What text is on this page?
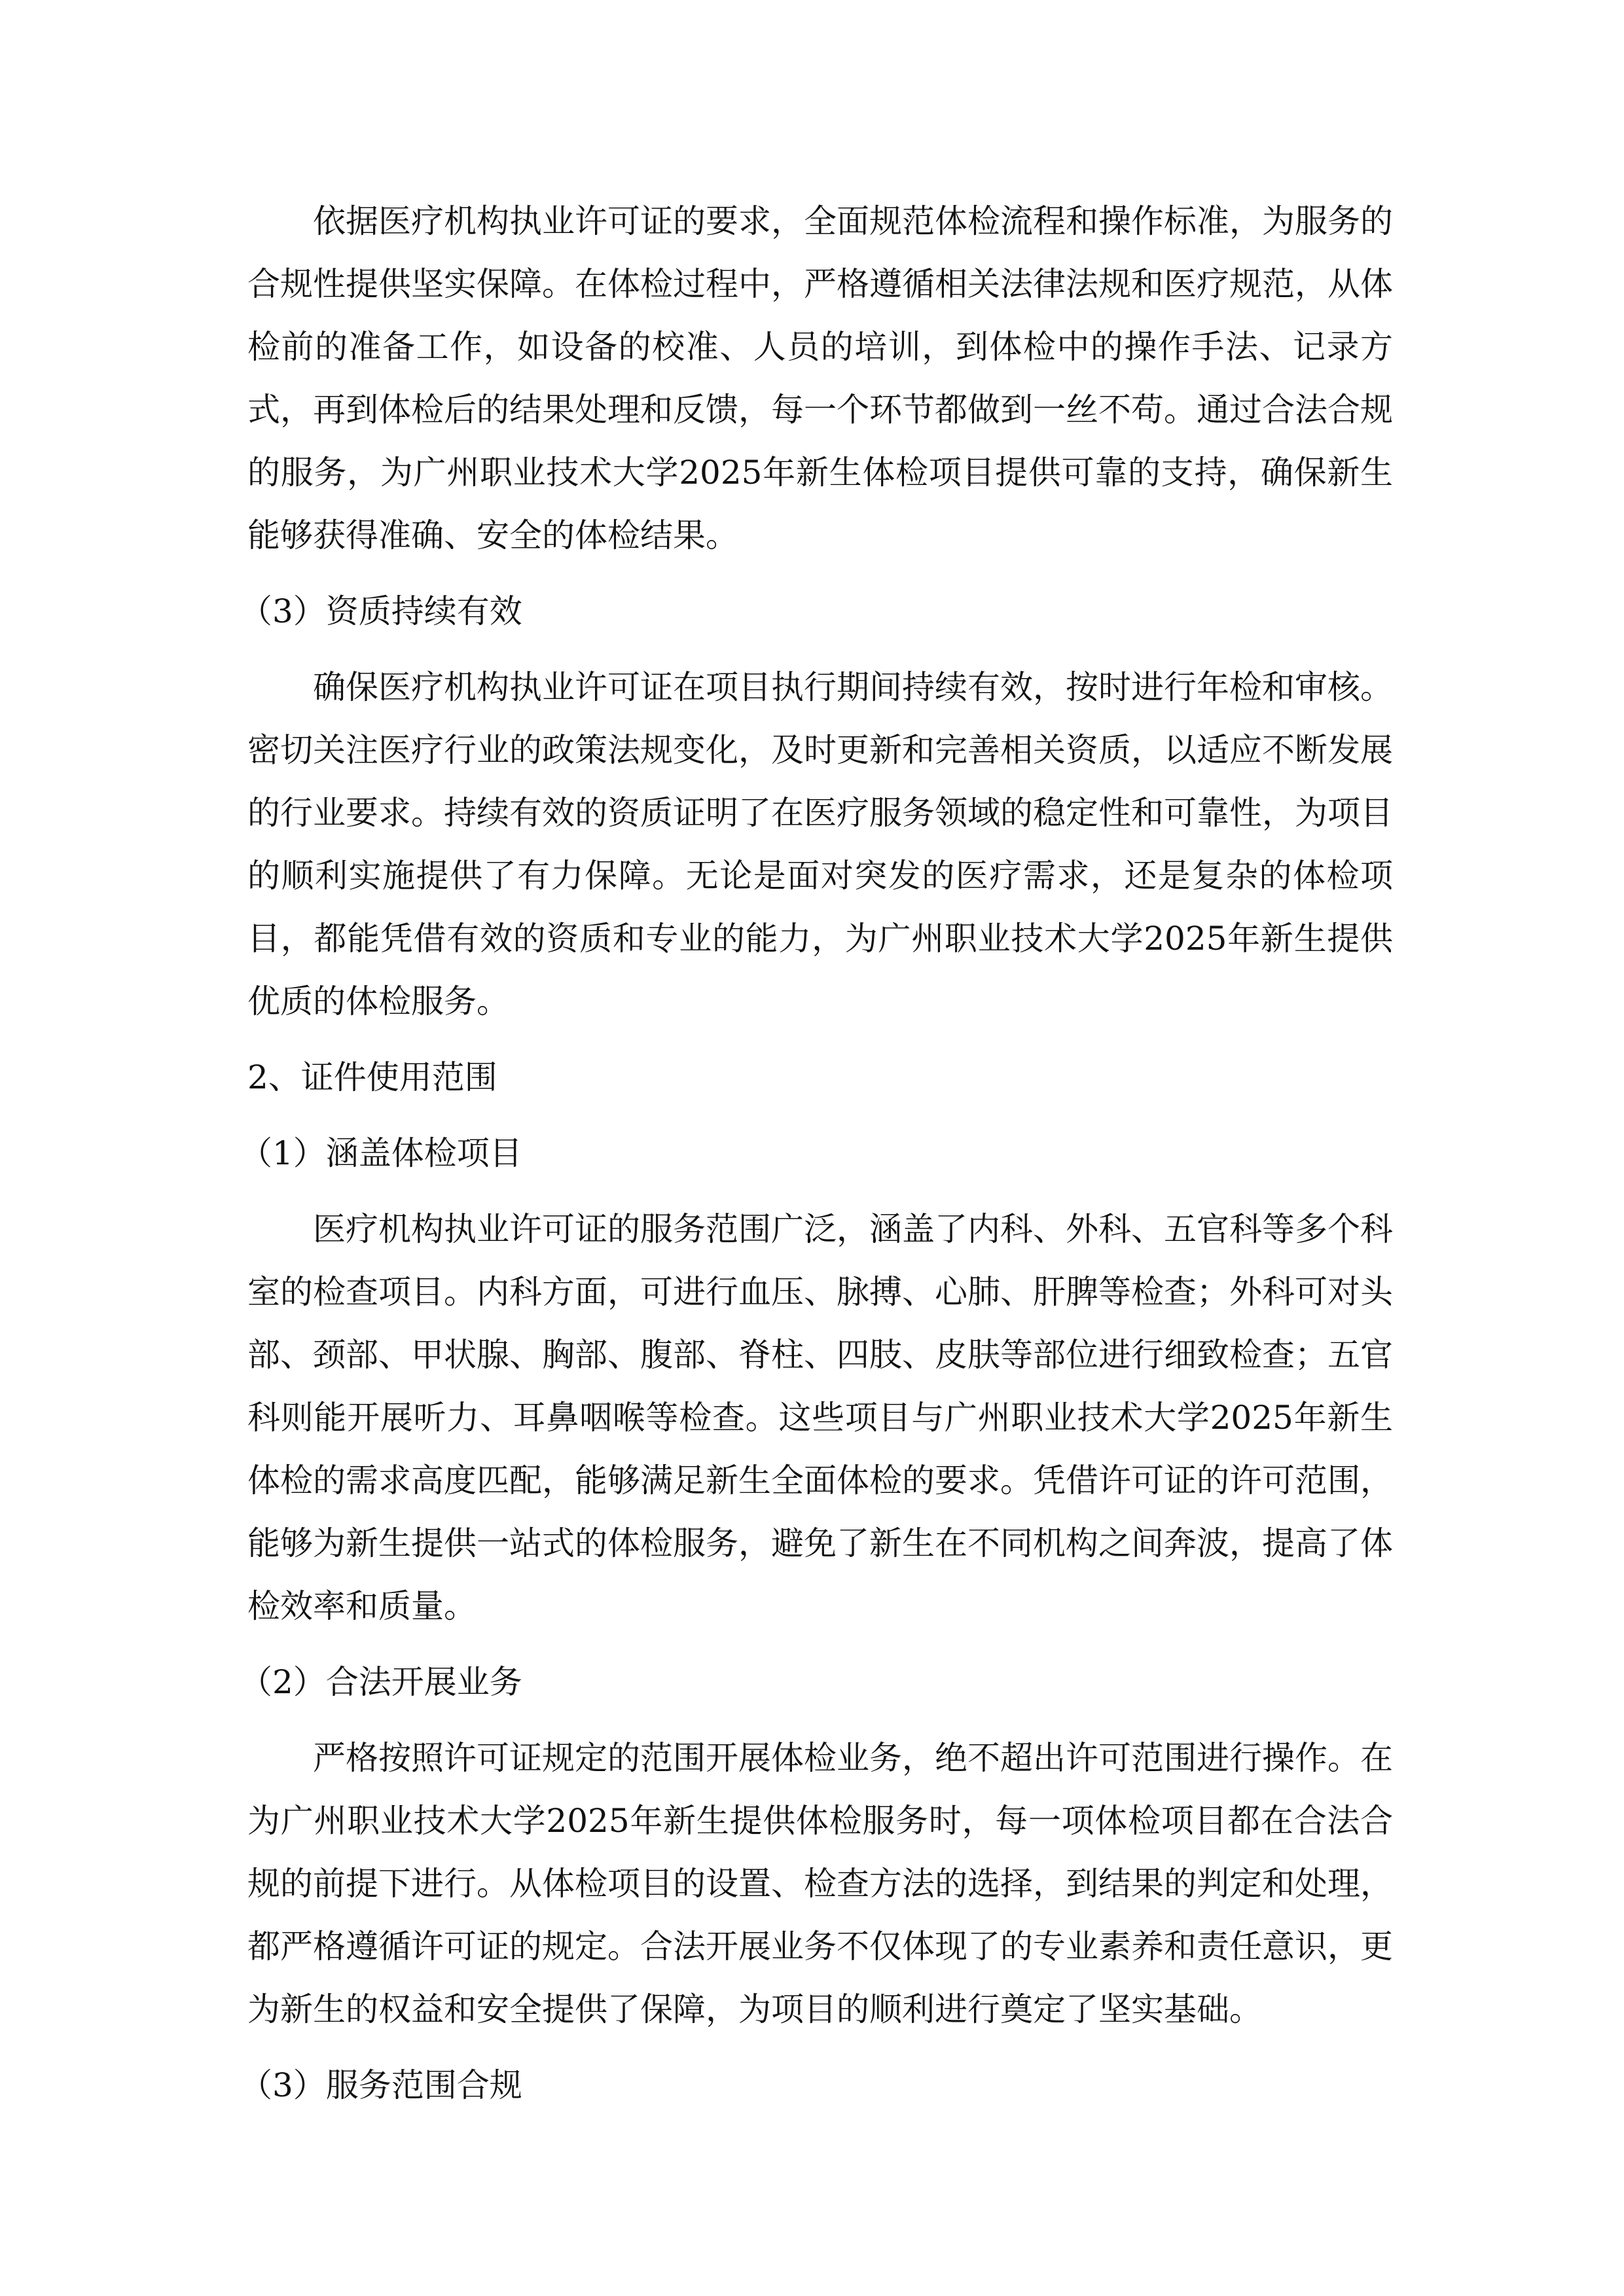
依据医疗机构执业许可证的要求，全面规范体检流程和操作标准，为服务的合规性提供坚实保障。在体检过程中，严格遵循相关法律法规和医疗规范，从体检前的准备工作，如设备的校准、人员的培训，到体检中的操作手法、记录方式，再到体检后的结果处理和反馈，每一个环节都做到一丝不苟。通过合法合规的服务，为广州职业技术大学2025年新生体检项目提供可靠的支持，确保新生能够获得准确、安全的体检结果。

（3）资质持续有效

确保医疗机构执业许可证在项目执行期间持续有效，按时进行年检和审核。密切关注医疗行业的政策法规变化，及时更新和完善相关资质，以适应不断发展的行业要求。持续有效的资质证明了在医疗服务领域的稳定性和可靠性，为项目的顺利实施提供了有力保障。无论是面对突发的医疗需求，还是复杂的体检项目，都能凭借有效的资质和专业的能力，为广州职业技术大学2025年新生提供优质的体检服务。

2、证件使用范围
（1）涵盖体检项目

医疗机构执业许可证的服务范围广泛，涵盖了内科、外科、五官科等多个科室的检查项目。内科方面，可进行血压、脉搏、心肺、肝脾等检查；外科可对头部、颈部、甲状腺、胸部、腹部、脊柱、四肢、皮肤等部位进行细致检查；五官科则能开展听力、耳鼻咽喉等检查。这些项目与广州职业技术大学2025年新生体检的需求高度匹配，能够满足新生全面体检的要求。凭借许可证的许可范围，能够为新生提供一站式的体检服务，避免了新生在不同机构之间奔波，提高了体检效率和质量。

（2）合法开展业务

严格按照许可证规定的范围开展体检业务，绝不超出许可范围进行操作。在为广州职业技术大学2025年新生提供体检服务时，每一项体检项目都在合法合规的前提下进行。从体检项目的设置、检查方法的选择，到结果的判定和处理，都严格遵循许可证的规定。合法开展业务不仅体现了的专业素养和责任意识，更为新生的权益和安全提供了保障，为项目的顺利进行奠定了坚实基础。

（3）服务范围合规
